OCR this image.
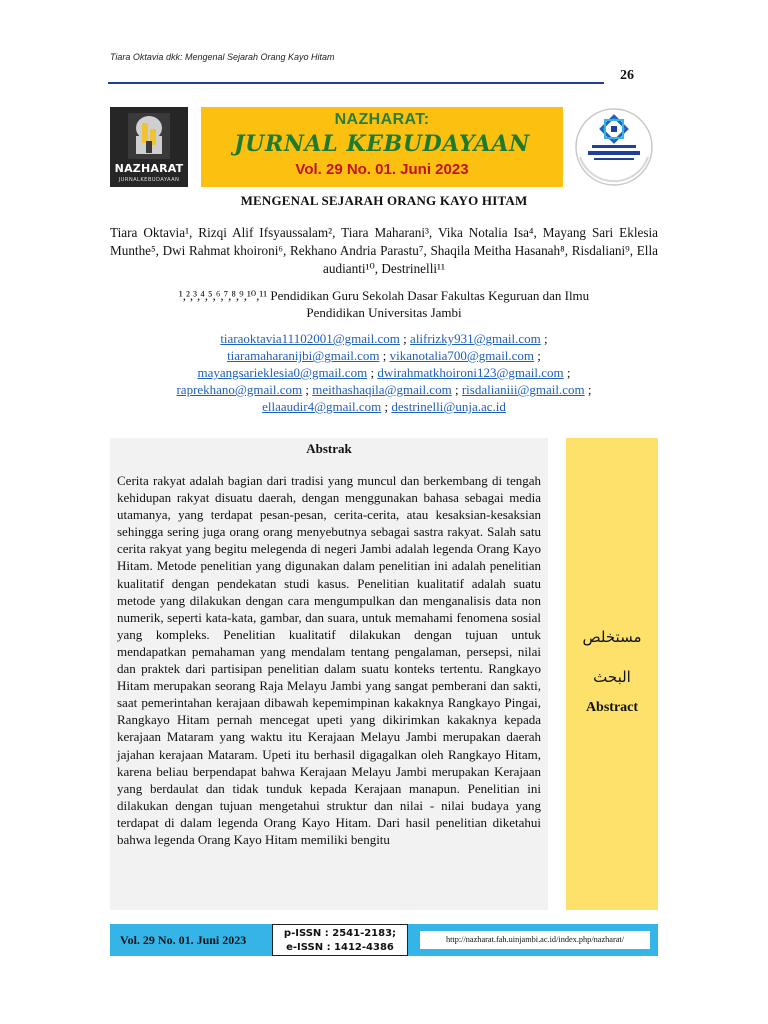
Tiara Oktavia dkk: Mengenal Sejarah Orang Kayo Hitam
26
NAZHARAT
JURNALKEBUDAYAAN
NAZHARAT:
JURNAL KEBUDAYAAN
Vol. 29 No. 01. Juni 2023
MENGENAL SEJARAH ORANG KAYO HITAM
Tiara Oktavia¹, Rizqi Alif Ifsyaussalam², Tiara Maharani³, Vika Notalia Isa⁴, Mayang Sari Eklesia Munthe⁵, Dwi Rahmat khoironi⁶, Rekhano Andria Parastu⁷, Shaqila Meitha Hasanah⁸, Risdaliani⁹, Ella audianti¹⁰, Destrinelli¹¹
¹,²,³,⁴,⁵,⁶,⁷,⁸,⁹,¹⁰,¹¹ Pendidikan Guru Sekolah Dasar Fakultas Keguruan dan Ilmu
Pendidikan Universitas Jambi
tiaraoktavia11102001@gmail.com ; alifrizky931@gmail.com ;
tiaramaharanijbi@gmail.com ; vikanotalia700@gmail.com ;
mayangsarieklesia0@gmail.com ; dwirahmatkhoironi123@gmail.com ;
raprekhano@gmail.com ; meithashaqila@gmail.com ; risdalianiii@gmail.com ;
ellaaudir4@gmail.com ; destrinelli@unja.ac.id
Abstrak
Cerita rakyat adalah bagian dari tradisi yang muncul dan berkembang di tengah kehidupan rakyat disuatu daerah, dengan menggunakan bahasa sebagai media utamanya, yang terdapat pesan-pesan, cerita-cerita, atau kesaksian-kesaksian sehingga sering juga orang orang menyebutnya sebagai sastra rakyat. Salah satu cerita rakyat yang begitu melegenda di negeri Jambi adalah legenda Orang Kayo Hitam. Metode penelitian yang digunakan dalam penelitian ini adalah penelitian kualitatif dengan pendekatan studi kasus. Penelitian kualitatif adalah suatu metode yang dilakukan dengan cara mengumpulkan dan menganalisis data non numerik, seperti kata-kata, gambar, dan suara, untuk memahami fenomena sosial yang kompleks. Penelitian kualitatif dilakukan dengan tujuan untuk mendapatkan pemahaman yang mendalam tentang pengalaman, persepsi, nilai dan praktek dari partisipan penelitian dalam suatu konteks tertentu. Rangkayo Hitam merupakan seorang Raja Melayu Jambi yang sangat pemberani dan sakti, saat pemerintahan kerajaan dibawah kepemimpinan kakaknya Rangkayo Pingai, Rangkayo Hitam pernah mencegat upeti yang dikirimkan kakaknya kepada kerajaan Mataram yang waktu itu Kerajaan Melayu Jambi merupakan daerah jajahan kerajaan Mataram. Upeti itu berhasil digagalkan oleh Rangkayo Hitam, karena beliau berpendapat bahwa Kerajaan Melayu Jambi merupakan Kerajaan yang berdaulat dan tidak tunduk kepada Kerajaan manapun. Penelitian ini dilakukan dengan tujuan mengetahui struktur dan nilai - nilai budaya yang terdapat di dalam legenda Orang Kayo Hitam. Dari hasil penelitian diketahui bahwa legenda Orang Kayo Hitam memiliki bengitu
مستخلص
البحث
Abstract
Vol. 29 No. 01. Juni 2023	p-ISSN : 2541-2183;
e-ISSN : 1412-4386
http://nazharat.fah.uinjambi.ac.id/index.php/nazharat/
